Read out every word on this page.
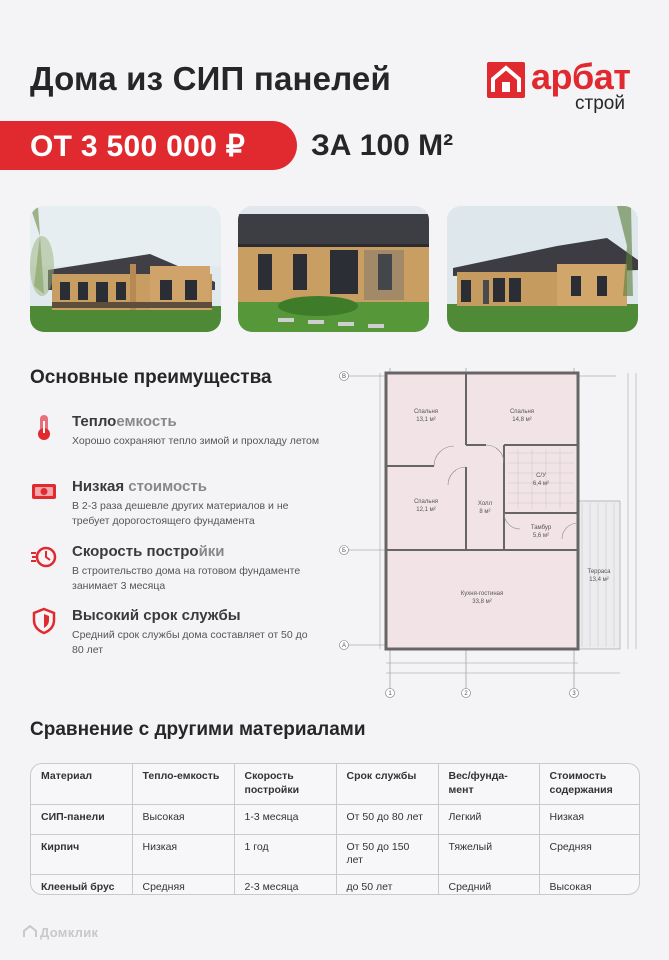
Дома из СИП панелей	арбат
строй
ОТ 3 500 000 ₽ ЗА 100 М²
Основные преимущества
Теплоемкость
Хорошо сохраняют тепло зимой и прохладу летом
Низкая стоимость
В 2-3 раза дешевле других материалов и не требует дорогостоящего фундамента
Скорость постройки
В строительство дома на готовом фундаменте занимает 3 месяца
Высокий срок службы
Средний срок службы дома составляет от 50 до 80 лет
В
Б
А
1	2	3
Спальня
13,1 м²
Спальня
14,8 м²
С/У
6,4 м²
Спальня
12,1 м²
Холл
8 м²
Тамбур
5,6 м²
Кухня-гостиная
33,8 м²
Терраса
13,4 м²
Сравнение с другими материалами
Материал	Тепло-емкость	Скорость постройки	Срок службы	Вес/фунда-мент	Стоимость содержания
СИП-панели	Высокая	1-3 месяца	От 50 до 80 лет	Легкий	Низкая
Кирпич	Низкая	1 год	От 50 до 150 лет	Тяжелый	Средняя
Клееный брус	Средняя	2-3 месяца	до 50 лет	Средний	Высокая
Домклик
